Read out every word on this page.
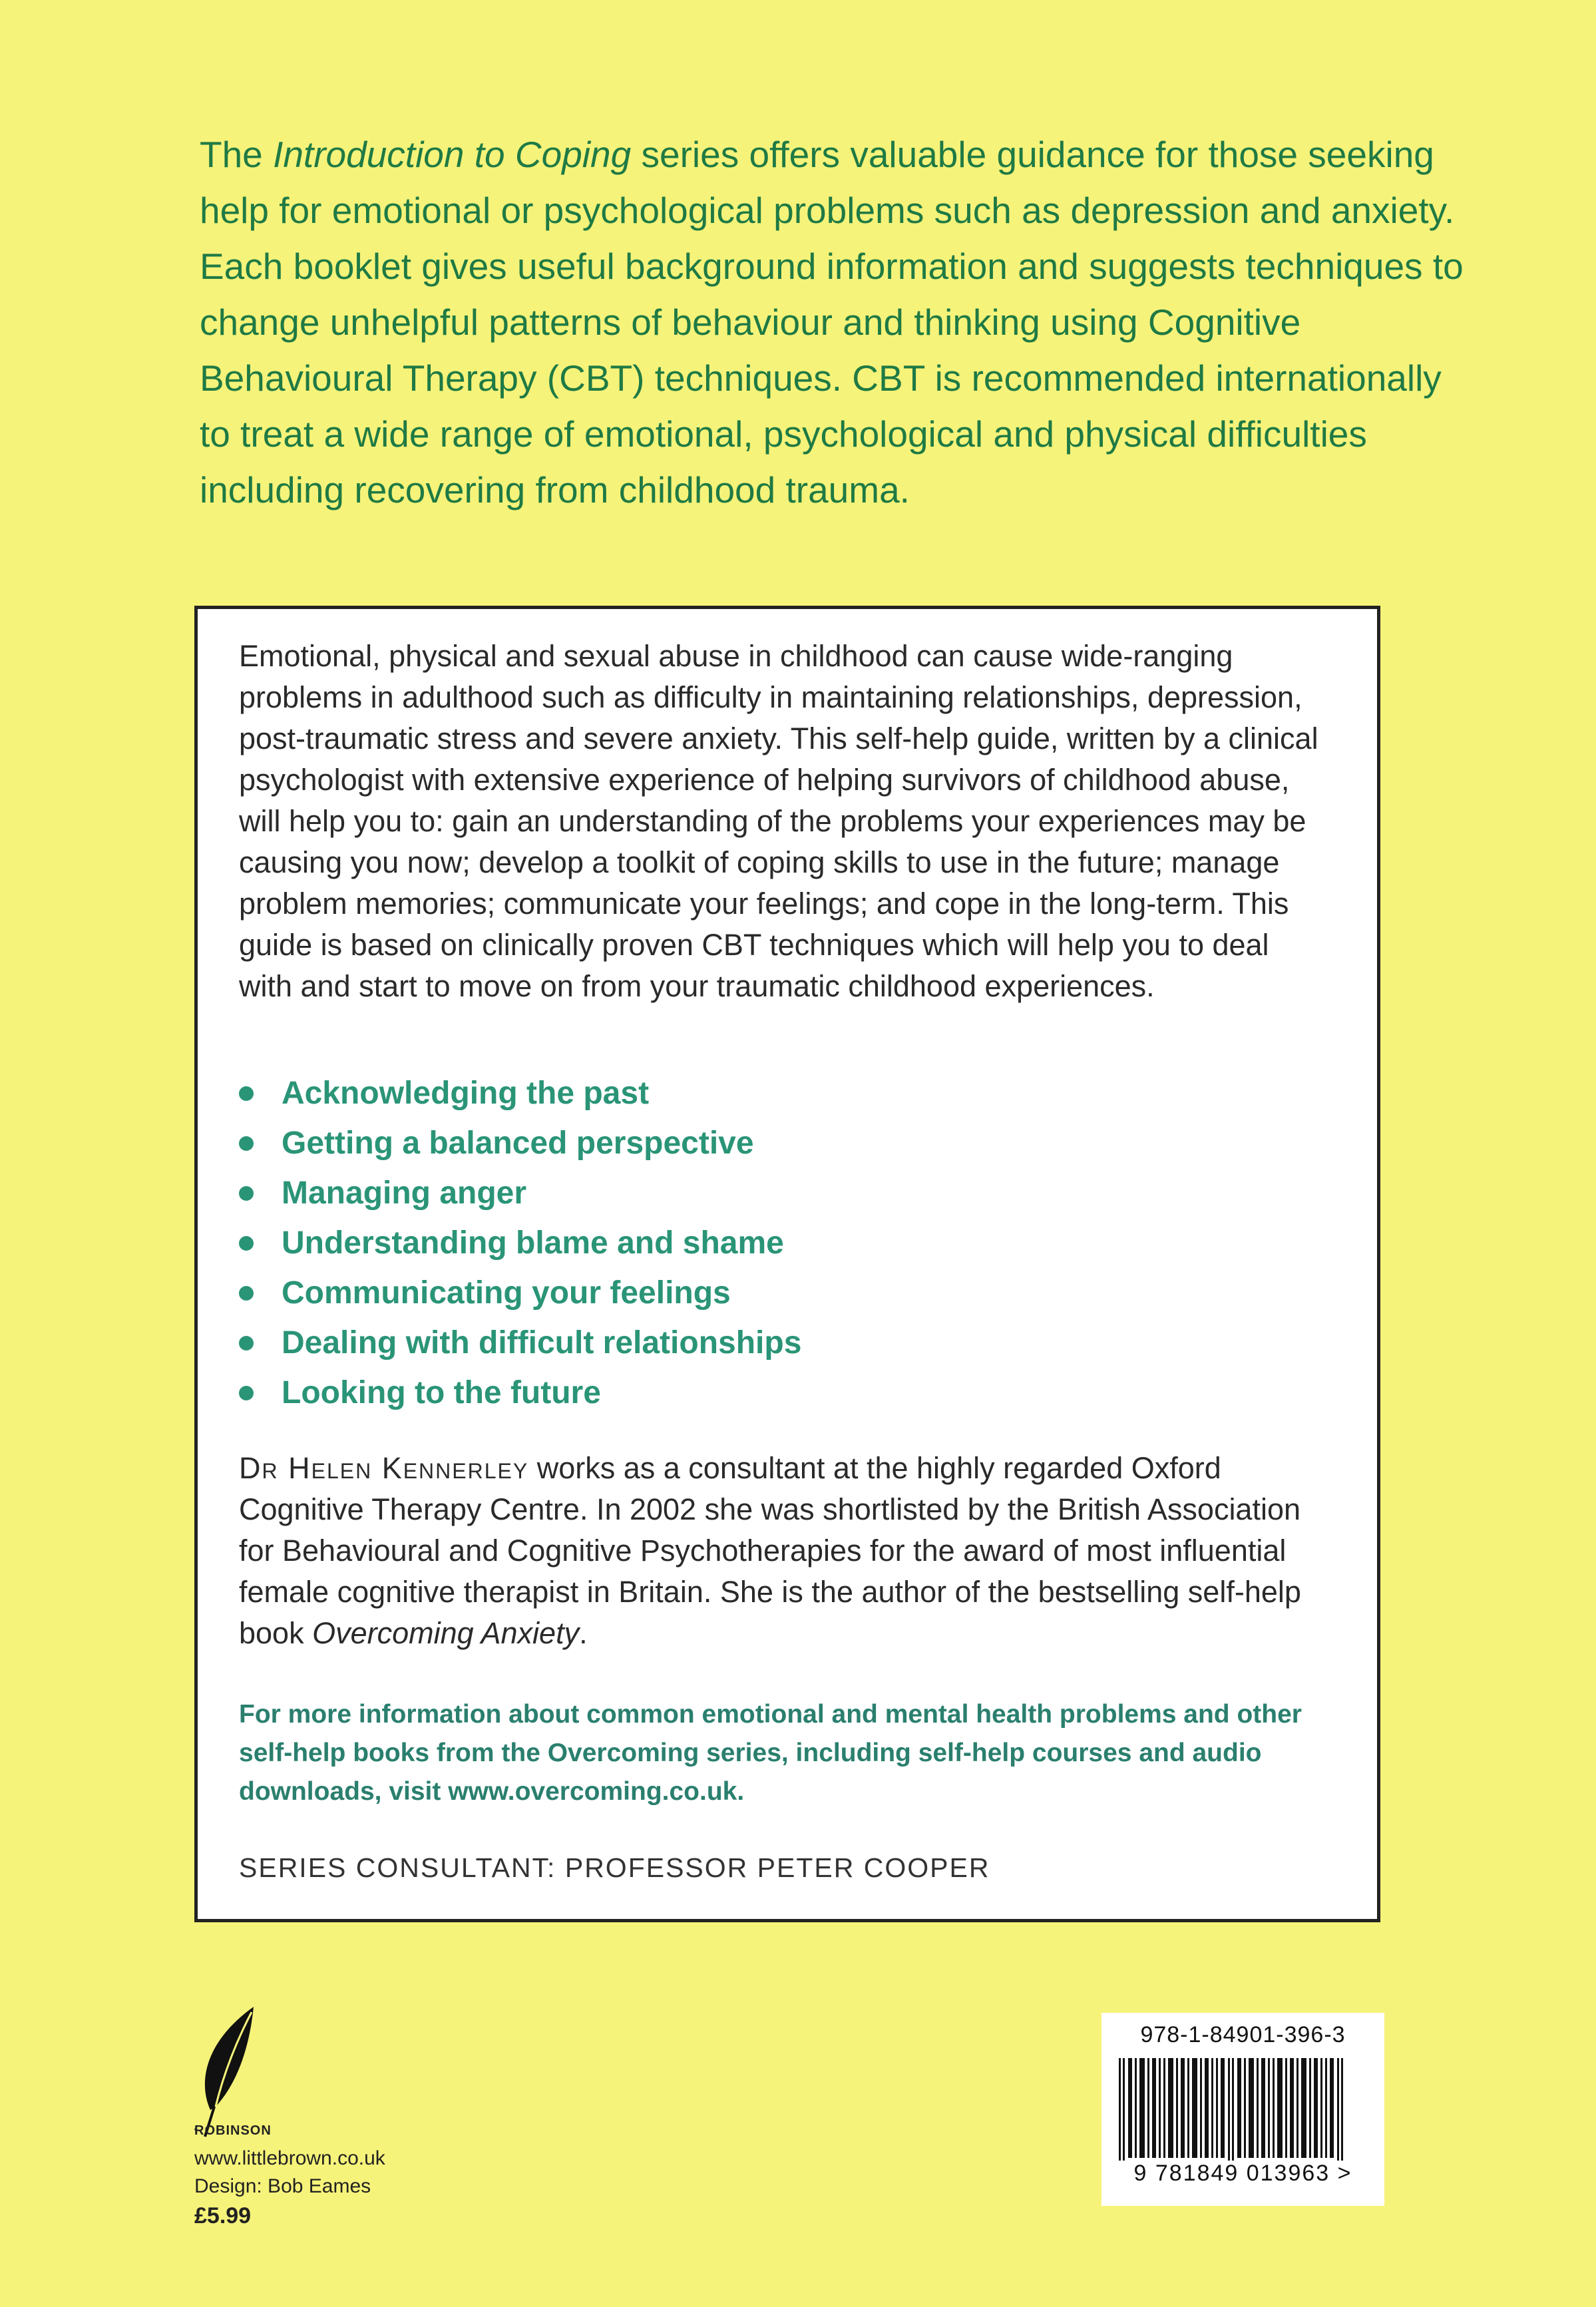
The Introduction to Coping series offers valuable guidance for those seeking help for emotional or psychological problems such as depression and anxiety. Each booklet gives useful background information and suggests techniques to change unhelpful patterns of behaviour and thinking using Cognitive Behavioural Therapy (CBT) techniques. CBT is recommended internationally to treat a wide range of emotional, psychological and physical difficulties including recovering from childhood trauma.

Emotional, physical and sexual abuse in childhood can cause wide-ranging problems in adulthood such as difficulty in maintaining relationships, depression, post-traumatic stress and severe anxiety. This self-help guide, written by a clinical psychologist with extensive experience of helping survivors of childhood abuse, will help you to: gain an understanding of the problems your experiences may be causing you now; develop a toolkit of coping skills to use in the future; manage problem memories; communicate your feelings; and cope in the long-term. This guide is based on clinically proven CBT techniques which will help you to deal with and start to move on from your traumatic childhood experiences.

Acknowledging the past
Getting a balanced perspective
Managing anger
Understanding blame and shame
Communicating your feelings
Dealing with difficult relationships
Looking to the future

Dr Helen Kennerley works as a consultant at the highly regarded Oxford Cognitive Therapy Centre. In 2002 she was shortlisted by the British Association for Behavioural and Cognitive Psychotherapies for the award of most influential female cognitive therapist in Britain. She is the author of the bestselling self-help book Overcoming Anxiety.

For more information about common emotional and mental health problems and other self-help books from the Overcoming series, including self-help courses and audio downloads, visit www.overcoming.co.uk.

SERIES CONSULTANT: PROFESSOR PETER COOPER

ROBINSON
www.littlebrown.co.uk
Design: Bob Eames
£5.99
978-1-84901-396-3
9 781849 013963 >
